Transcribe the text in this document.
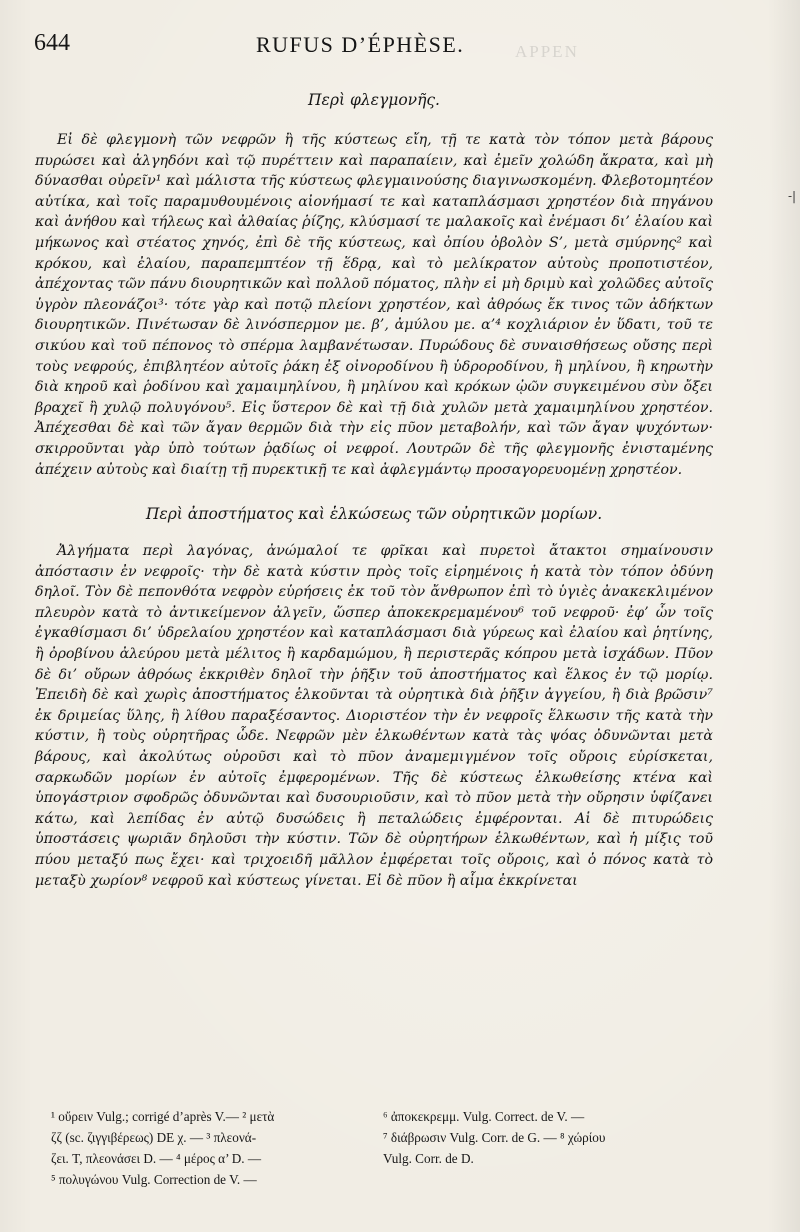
APPEN
644	RUFUS D’ÉPHÈSE.
-|
Περὶ φλεγμονῆς.

Εἰ δὲ φλεγμονὴ τῶν νεφρῶν ἢ τῆς κύστεως εἴη, τῇ τε κατὰ τὸν τόπον μετὰ βάρους πυρώσει καὶ ἀλγηδόνι καὶ τῷ πυρέττειν καὶ παραπαίειν, καὶ ἐμεῖν χολώδη ἄκρατα, καὶ μὴ δύνασθαι οὐρεῖν¹ καὶ μάλιστα τῆς κύστεως φλεγμαινούσης διαγινωσκομένη. Φλεβοτομητέον αὐτίκα, καὶ τοῖς παραμυθουμένοις αἰονήμασί τε καὶ καταπλάσμασι χρηστέον διὰ πηγάνου καὶ ἀνήθου καὶ τήλεως καὶ ἀλθαίας ῥίζης, κλύσμασί τε μαλακοῖς καὶ ἐνέμασι δι’ ἐλαίου καὶ μήκωνος καὶ στέατος χηνός, ἐπὶ δὲ τῆς κύστεως, καὶ ὀπίου ὀβολὸν S’, μετὰ σμύρνης² καὶ κρόκου, καὶ ἐλαίου, παραπεμπτέον τῇ ἕδρᾳ, καὶ τὸ μελίκρατον αὐτοὺς προποτιστέον, ἀπέχοντας τῶν πάνυ διουρητικῶν καὶ πολλοῦ πόματος, πλὴν εἰ μὴ δριμὺ καὶ χολῶδες αὐτοῖς ὑγρὸν πλεονάζοι³· τότε γὰρ καὶ ποτῷ πλείονι χρηστέον, καὶ ἀθρόως ἔκ τινος τῶν ἀδήκτων διουρητικῶν. Πινέτωσαν δὲ λινόσπερμον με. β’, ἀμύλου με. α’⁴ κοχλιάριον ἐν ὕδατι, τοῦ τε σικύου καὶ τοῦ πέπονος τὸ σπέρμα λαμβανέτωσαν. Πυρώδους δὲ συναισθήσεως οὔσης περὶ τοὺς νεφρούς, ἐπιβλητέον αὐτοῖς ῥάκη ἐξ οἰνοροδίνου ἢ ὑδροροδίνου, ἢ μηλίνου, ἢ κηρωτὴν διὰ κηροῦ καὶ ῥοδίνου καὶ χαμαιμηλίνου, ἢ μηλίνου καὶ κρόκων ᾠῶν συγκειμένου σὺν ὄξει βραχεῖ ἢ χυλῷ πολυγόνου⁵. Εἰς ὕστερον δὲ καὶ τῇ διὰ χυλῶν μετὰ χαμαιμηλίνου χρηστέον. Ἀπέχεσθαι δὲ καὶ τῶν ἄγαν θερμῶν διὰ τὴν εἰς πῦον μεταβολήν, καὶ τῶν ἄγαν ψυχόντων· σκιρροῦνται γὰρ ὑπὸ τούτων ῥᾳδίως οἱ νεφροί. Λουτρῶν δὲ τῆς φλεγμονῆς ἐνισταμένης ἀπέχειν αὐτοὺς καὶ διαίτῃ τῇ πυρεκτικῇ τε καὶ ἀφλεγμάντῳ προσαγορευομένῃ χρηστέον.

Περὶ ἀποστήματος καὶ ἑλκώσεως τῶν οὐρητικῶν μορίων.

Ἀλγήματα περὶ λαγόνας, ἀνώμαλοί τε φρῖκαι καὶ πυρετοὶ ἄτακτοι σημαίνουσιν ἀπόστασιν ἐν νεφροῖς· τὴν δὲ κατὰ κύστιν πρὸς τοῖς εἰρημένοις ἡ κατὰ τὸν τόπον ὀδύνη δηλοῖ. Τὸν δὲ πεπονθότα νεφρὸν εὑρήσεις ἐκ τοῦ τὸν ἄνθρωπον ἐπὶ τὸ ὑγιὲς ἀνακεκλιμένον πλευρὸν κατὰ τὸ ἀντικείμενον ἀλγεῖν, ὥσπερ ἀποκεκρεμαμένου⁶ τοῦ νεφροῦ· ἐφ’ ὧν τοῖς ἐγκαθίσμασι δι’ ὑδρελαίου χρηστέον καὶ καταπλάσμασι διὰ γύρεως καὶ ἐλαίου καὶ ῥητίνης, ἢ ὀροβίνου ἀλεύρου μετὰ μέλιτος ἢ καρδαμώμου, ἢ περιστερᾶς κόπρου μετὰ ἰσχάδων. Πῦον δὲ δι’ οὔρων ἀθρόως ἐκκριθὲν δηλοῖ τὴν ῥῆξιν τοῦ ἀποστήματος καὶ ἕλκος ἐν τῷ μορίῳ. Ἐπειδὴ δὲ καὶ χωρὶς ἀποστήματος ἑλκοῦνται τὰ οὐρητικὰ διὰ ῥῆξιν ἀγγείου, ἢ διὰ βρῶσιν⁷ ἐκ δριμείας ὕλης, ἢ λίθου παραξέσαντος. Διοριστέον τὴν ἐν νεφροῖς ἕλκωσιν τῆς κατὰ τὴν κύστιν, ἢ τοὺς οὐρητῆρας ὧδε. Νεφρῶν μὲν ἑλκωθέντων κατὰ τὰς ψόας ὀδυνῶνται μετὰ βάρους, καὶ ἀκολύτως οὐροῦσι καὶ τὸ πῦον ἀναμεμιγμένον τοῖς οὔροις εὑρίσκεται, σαρκωδῶν μορίων ἐν αὐτοῖς ἐμφερομένων. Τῆς δὲ κύστεως ἑλκωθείσης κτένα καὶ ὑπογάστριον σφοδρῶς ὀδυνῶνται καὶ δυσουριοῦσιν, καὶ τὸ πῦον μετὰ τὴν οὔρησιν ὑφίζανει κάτω, καὶ λεπίδας ἐν αὐτῷ δυσώδεις ἢ πεταλώδεις ἐμφέρονται. Αἱ δὲ πιτυρώδεις ὑποστάσεις ψωριᾶν δηλοῦσι τὴν κύστιν. Τῶν δὲ οὐρητήρων ἑλκωθέντων, καὶ ἡ μίξις τοῦ πύου μεταξύ πως ἔχει· καὶ τριχοειδῆ μᾶλλον ἐμφέρεται τοῖς οὔροις, καὶ ὁ πόνος κατὰ τὸ μεταξὺ χωρίον⁸ νεφροῦ καὶ κύστεως γίνεται. Εἰ δὲ πῦον ἢ αἷμα ἐκκρίνεται

¹ οὔρειν Vulg.; corrigé d’après V.— ² μετὰ
ζζ (sc. ζιγγιβέρεως) DE χ. — ³ πλεονά-
ζει. T, πλεονάσει D. — ⁴ μέρος α’ D. —
⁵ πολυγώνου Vulg. Correction de V. —
⁶ ἀποκεκρεμμ. Vulg. Correct. de V. —
⁷ διάβρωσιν Vulg. Corr. de G. — ⁸ χώρίου
Vulg. Corr. de D.
